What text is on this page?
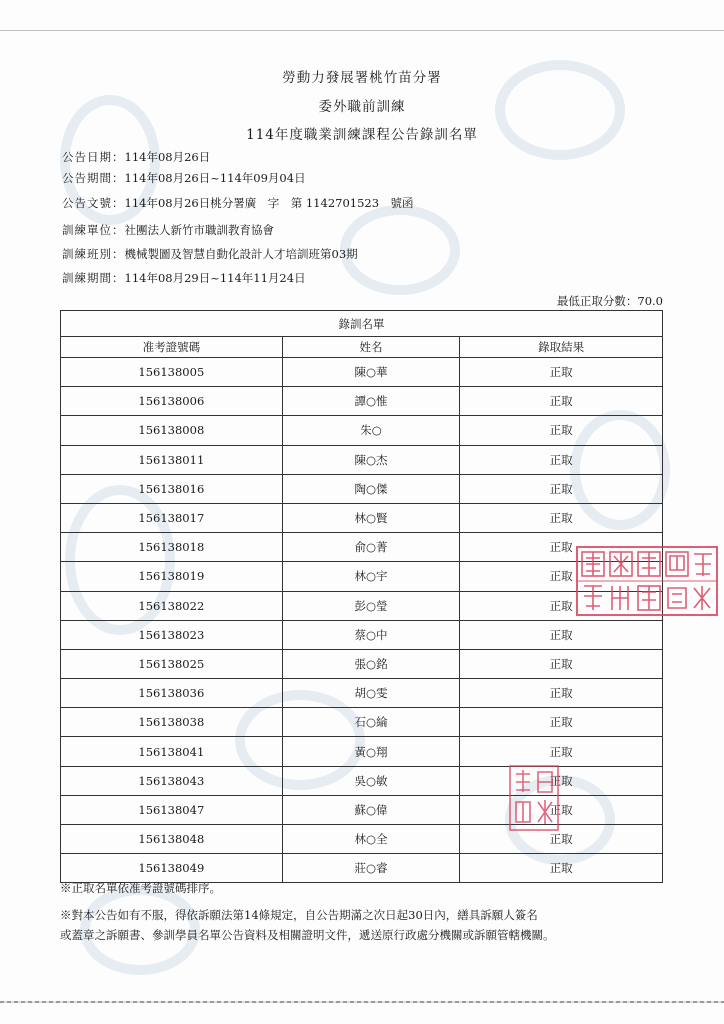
勞動力發展署桃竹苗分署
委外職前訓練
114年度職業訓練課程公告錄訓名單
公告日期：114年08月26日
公告期間：114年08月26日~114年09月04日
公告文號：114年08月26日桃分署廣　字　第 1142701523　號函
訓練單位：社團法人新竹市職訓教育協會
訓練班別：機械製圖及智慧自動化設計人才培訓班第03期
訓練期間：114年08月29日~114年11月24日
最低正取分數：70.0
錄訓名單		
准考證號碼	姓名	錄取結果
156138005	陳○華	正取
156138006	譚○惟	正取
156138008	朱○	正取
156138011	陳○杰	正取
156138016	陶○傑	正取
156138017	林○賢	正取
156138018	俞○菁	正取
156138019	林○宇	正取
156138022	彭○瑩	正取
156138023	蔡○中	正取
156138025	張○銘	正取
156138036	胡○雯	正取
156138038	石○綸	正取
156138041	黃○翔	正取
156138043	吳○敏	正取
156138047	蘇○偉	正取
156138048	林○全	正取
156138049	莊○睿	正取
※正取名單依准考證號碼排序。
※對本公告如有不服，得依訴願法第14條規定，自公告期滿之次日起30日內，繕具訴願人簽名
或蓋章之訴願書、參訓學員名單公告資料及相關證明文件，遞送原行政處分機關或訴願管轄機關。
